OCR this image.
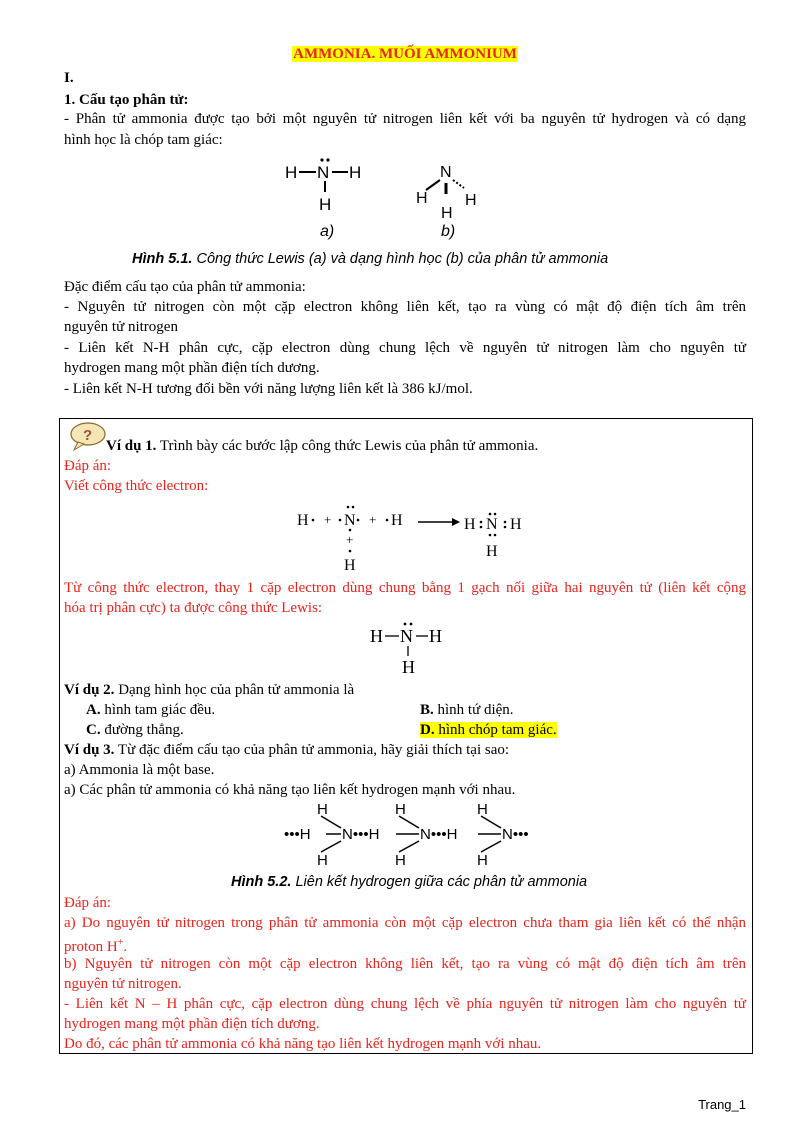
AMMONIA. MUỐI AMMONIUM
I.
1. Cấu tạo phân tử:
- Phân tử ammonia được tạo bởi một nguyên tử nitrogen liên kết với ba nguyên tử hydrogen và có dạng
hình học là chóp tam giác:
H N H
H
a)
N
H H
H
b)
Hình 5.1. Công thức Lewis (a) và dạng hình học (b) của phân tử ammonia
Đặc điểm cấu tạo của phân tử ammonia:
- Nguyên tử nitrogen còn một cặp electron không liên kết, tạo ra vùng có mật độ điện tích âm trên
nguyên tử nitrogen
- Liên kết N-H phân cực, cặp electron dùng chung lệch về nguyên tử nitrogen làm cho nguyên tử
hydrogen mang một phần điện tích dương.
- Liên kết N-H tương đối bền với năng lượng liên kết là 386 kJ/mol.
?
Ví dụ 1. Trình bày các bước lập công thức Lewis của phân tử ammonia.
Đáp án:
Viết công thức electron:
H + N + H
+
H
H N H
H
Từ công thức electron, thay 1 cặp electron dùng chung bằng 1 gạch nối giữa hai nguyên tử (liên kết cộng
hóa trị phân cực) ta được công thức Lewis:
H N H
H
Ví dụ 2. Dạng hình học của phân tử ammonia là
A. hình tam giác đều.	B. hình tứ diện.
C. đường thẳng.	D. hình chóp tam giác.
Ví dụ 3. Từ đặc điểm cấu tạo của phân tử ammonia, hãy giải thích tại sao:
a) Ammonia là một base.
a) Các phân tử ammonia có khả năng tạo liên kết hydrogen mạnh với nhau.
H	H	H
H	H	H
•••H N•••H	N•••H	N•••
Hình 5.2. Liên kết hydrogen giữa các phân tử ammonia
Đáp án:
a) Do nguyên tử nitrogen trong phân tử ammonia còn một cặp electron chưa tham gia liên kết có thể nhận
proton H+.
b) Nguyên tử nitrogen còn một cặp electron không liên kết, tạo ra vùng có mật độ điện tích âm trên
nguyên tử nitrogen.
- Liên kết N – H phân cực, cặp electron dùng chung lệch về phía nguyên tử nitrogen làm cho nguyên tử
hydrogen mang một phần điện tích dương.
Do đó, các phân tử ammonia có khả năng tạo liên kết hydrogen mạnh với nhau.
Trang_1
